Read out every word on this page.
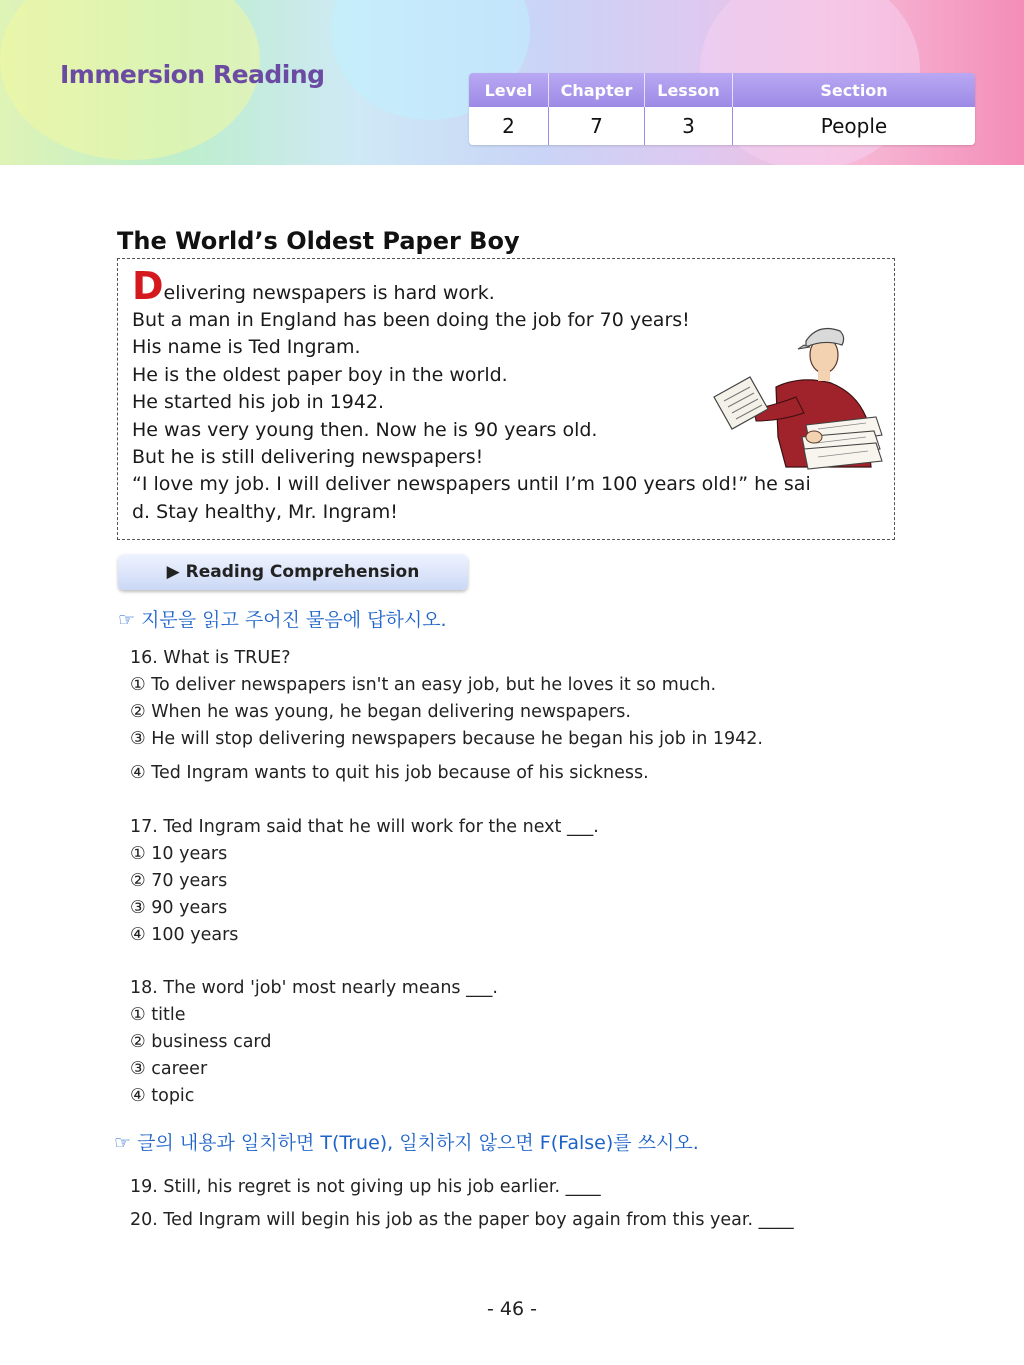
Immersion Reading
Level	Chapter	Lesson	Section
2	7	3	People
The World’s Oldest Paper Boy
Delivering newspapers is hard work.
But a man in England has been doing the job for 70 years!
His name is Ted Ingram.
He is the oldest paper boy in the world.
He started his job in 1942.
He was very young then. Now he is 90 years old.
But he is still delivering newspapers!
“I love my job. I will deliver newspapers until I’m 100 years old!” he sai
d. Stay healthy, Mr. Ingram!
▶ Reading Comprehension
☞ 지문을 읽고 주어진 물음에 답하시오.
16. What is TRUE?
① To deliver newspapers isn't an easy job, but he loves it so much.
② When he was young, he began delivering newspapers.
③ He will stop delivering newspapers because he began his job in 1942.
④ Ted Ingram wants to quit his job because of his sickness.
17. Ted Ingram said that he will work for the next ___.
① 10 years
② 70 years
③ 90 years
④ 100 years
18. The word 'job' most nearly means ___.
① title
② business card
③ career
④ topic
☞ 글의 내용과 일치하면 T(True), 일치하지 않으면 F(False)를 쓰시오.
19. Still, his regret is not giving up his job earlier. ____
20. Ted Ingram will begin his job as the paper boy again from this year. ____
- 46 -
